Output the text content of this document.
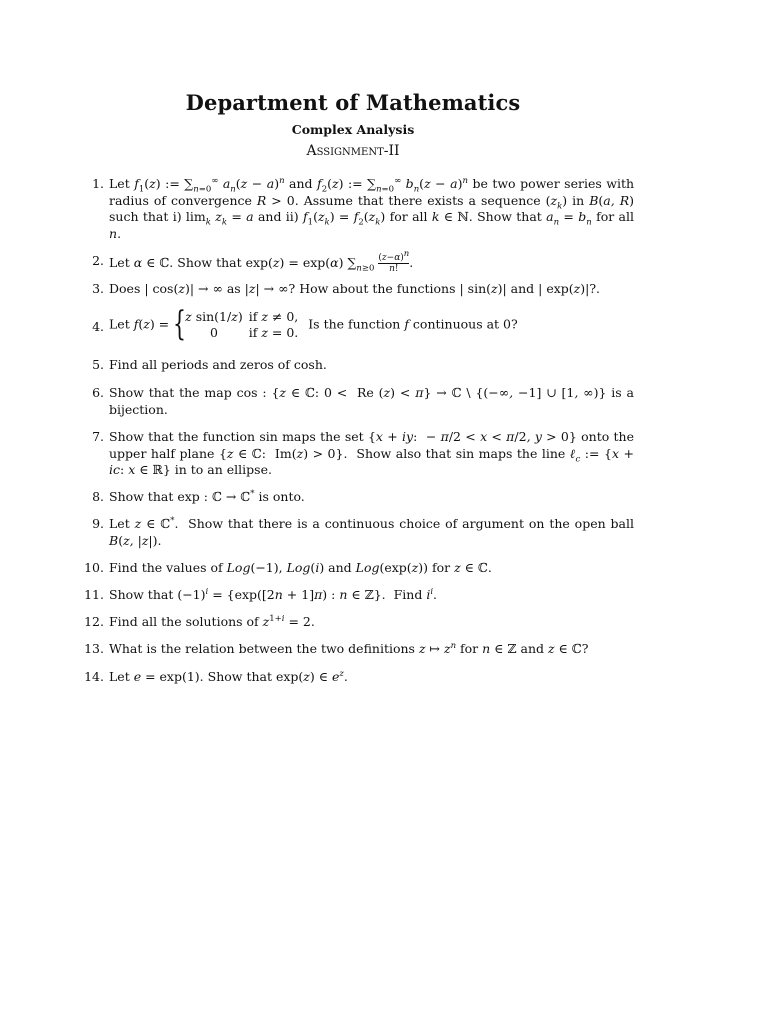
Department of Mathematics
Complex Analysis
Assignment-II
1. Let $f_1(z)$ := $\sum_{n=0}^\infty$ $a_n(z - a)^n$ and $f_2(z)$ := $\sum_{n=0}^\infty$ $b_n(z - a)^n$ be two power series with radius of convergence R > 0. Assume that there exists a sequence $(z_k)$ in B(a, R) such that i) $\lim_k z_k = a$ and ii) $f_1(z_k) = f_2(z_k)$ for all k ∈ ℕ. Show that $a_n = b_n$ for all n.
2. Let α ∈ ℂ. Show that exp(z) = exp(α) $\sum_{n\ge 0} \frac{(z-\alpha)^n}{n!}$ .
3. Does | cos(z)| → ∞ as |z| → ∞? How about the functions | sin(z)| and | exp(z)|?.
4. Let f(z) = { z sin(1/z)	if z ≠ 0,
0	if z = 0.
Is the function f continuous at 0?
5. Find all periods and zeros of cosh.
6. Show that the map cos : {z ∈ ℂ: 0 <  Re (z) < π} → ℂ \ {(−∞, −1] ∪ [1, ∞)} is a bijection.
7. Show that the function sin maps the set {x + iy:  − π/2 < x < π/2, y > 0} onto the upper half plane {z ∈ ℂ:  Im(z) > 0}.  Show also that sin maps the line ℓ$_c$ := {x + ic: x ∈ ℝ} in to an ellipse.
8. Show that exp : ℂ → ℂ* is onto.
9. Let z ∈ ℂ*.  Show that there is a continuous choice of argument on the open ball B(z, |z|).
10. Find the values of Log(−1), Log(i) and Log(exp(z)) for z ∈ ℂ.
11. Show that $(-1)^i = \{\exp([2n + 1]\pi)$ : n ∈ ℤ}.  Find $i^i$.
12. Find all the solutions of $z^{1+i} = 2$.
13. What is the relation between the two definitions z ↦ $z^n$ for n ∈ ℤ and z ∈ ℂ?
14. Let e = exp(1). Show that exp(z) ∈ $e^z$.
